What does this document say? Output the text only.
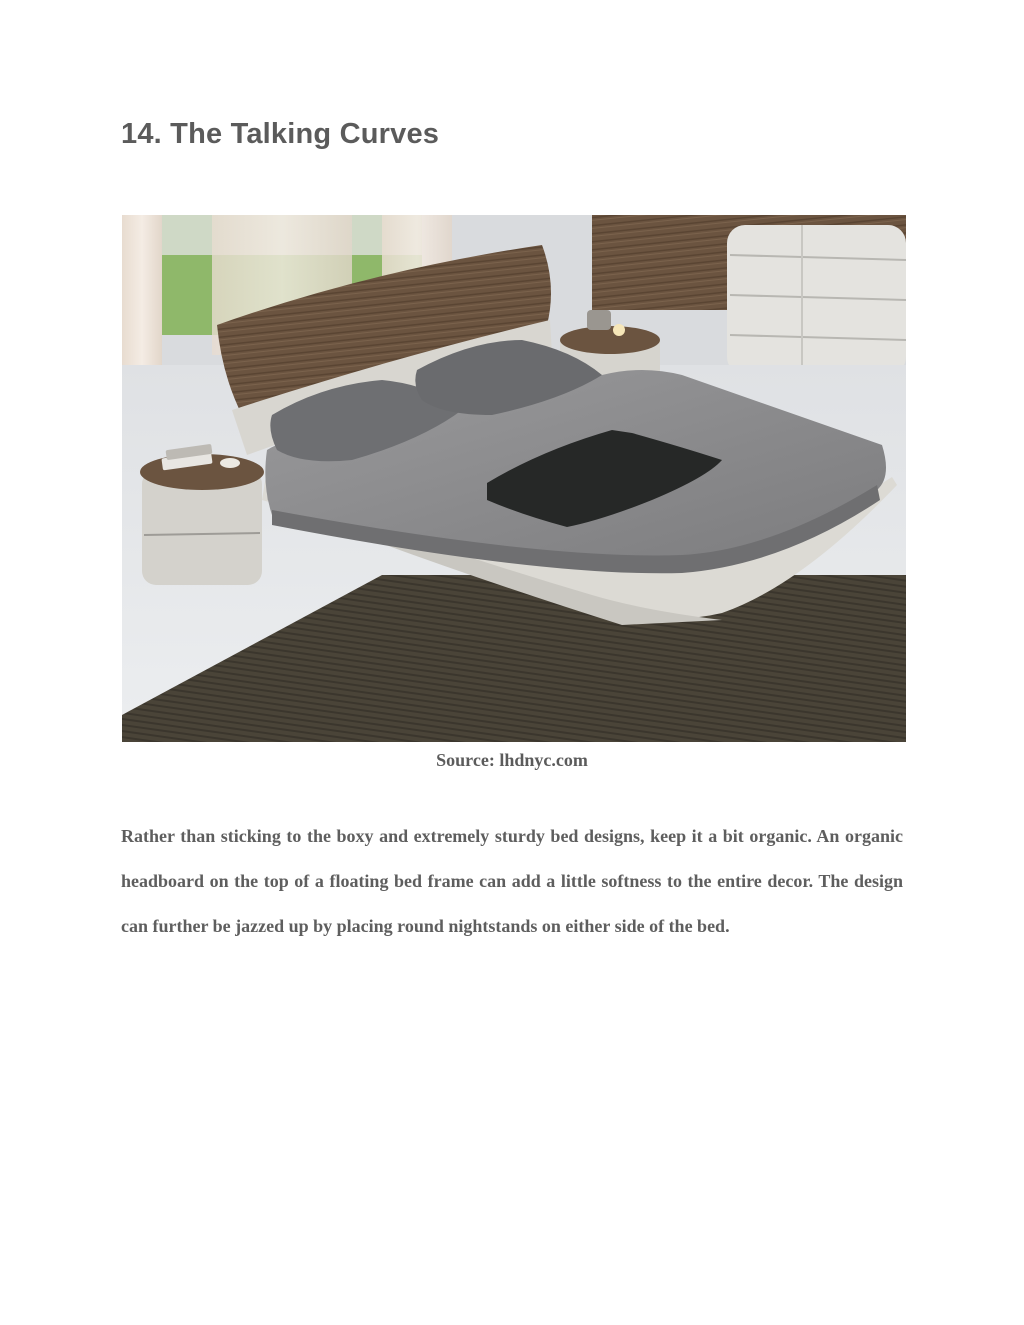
14. The Talking Curves
Source: lhdnyc.com

Rather than sticking to the boxy and extremely sturdy bed designs, keep it a bit organic. An organic headboard on the top of a floating bed frame can add a little softness to the entire decor. The design can further be jazzed up by placing round nightstands on either side of the bed.
